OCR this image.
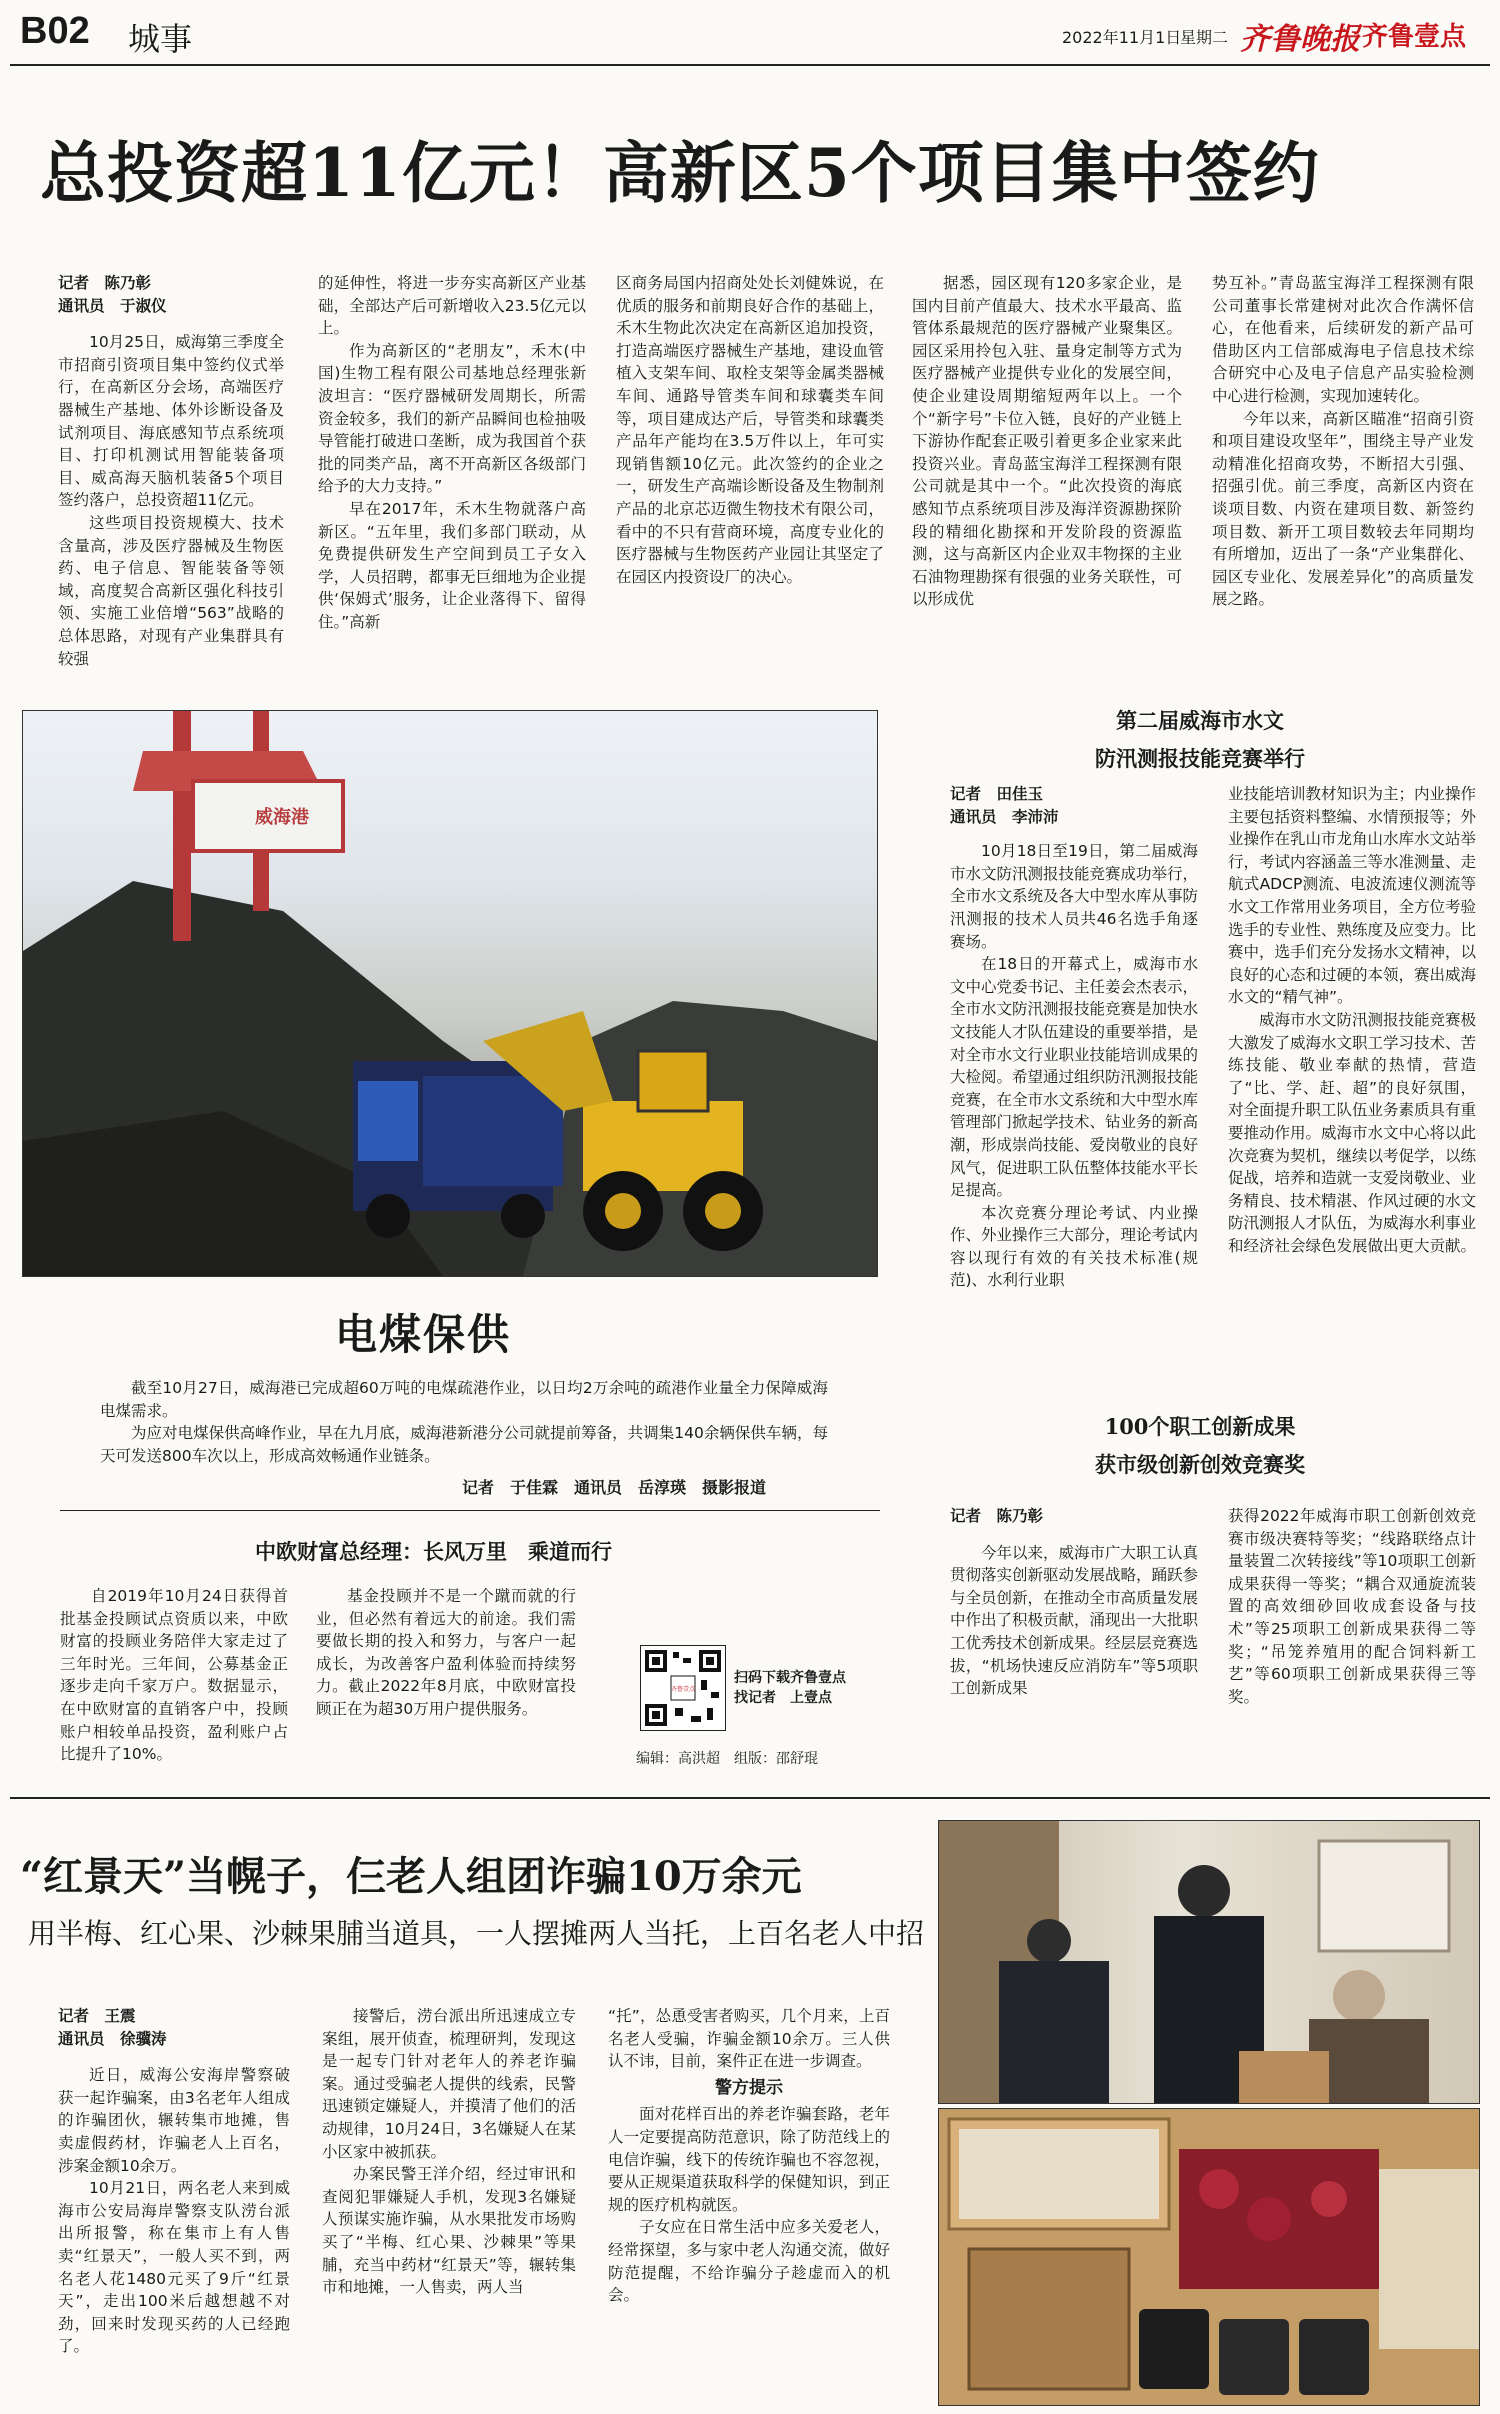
B02 城事	2022年11月1日
星期二 齐鲁晚报 齐鲁壹点
总投资超11亿元！高新区5个项目集中签约

记者　陈乃彰

通讯员　于淑仪

10月25日，威海第三季度全市招商引资项目集中签约仪式举行，在高新区分会场，高端医疗器械生产基地、体外诊断设备及试剂项目、海底感知节点系统项目、打印机测试用智能装备项目、威高海天脑机装备5个项目签约落户，总投资超11亿元。

这些项目投资规模大、技术含量高，涉及医疗器械及生物医药、电子信息、智能装备等领域，高度契合高新区强化科技引领、实施工业倍增“563”战略的总体思路，对现有产业集群具有较强

的延伸性，将进一步夯实高新区产业基础，全部达产后可新增收入23.5亿元以上。

作为高新区的“老朋友”，禾木(中国)生物工程有限公司基地总经理张新波坦言：“医疗器械研发周期长，所需资金较多，我们的新产品瞬间也检抽吸导管能打破进口垄断，成为我国首个获批的同类产品，离不开高新区各级部门给予的大力支持。”

早在2017年，禾木生物就落户高新区。“五年里，我们多部门联动，从免费提供研发生产空间到员工子女入学，人员招聘，都事无巨细地为企业提供‘保姆式’服务，让企业落得下、留得住。”高新

区商务局国内招商处处长刘健姝说，在优质的服务和前期良好合作的基础上，禾木生物此次决定在高新区追加投资，打造高端医疗器械生产基地，建设血管植入支架车间、取栓支架等金属类器械车间、通路导管类车间和球囊类车间等，项目建成达产后，导管类和球囊类产品年产能均在3.5万件以上，年可实现销售额10亿元。此次签约的企业之一，研发生产高端诊断设备及生物制剂产品的北京芯迈微生物技术有限公司，看中的不只有营商环境，高度专业化的医疗器械与生物医药产业园让其坚定了在园区内投资设厂的决心。

据悉，园区现有120多家企业，是国内目前产值最大、技术水平最高、监管体系最规范的医疗器械产业聚集区。园区采用拎包入驻、量身定制等方式为医疗器械产业提供专业化的发展空间，使企业建设周期缩短两年以上。一个个“新字号”卡位入链，良好的产业链上下游协作配套正吸引着更多企业家来此投资兴业。青岛蓝宝海洋工程探测有限公司就是其中一个。“此次投资的海底感知节点系统项目涉及海洋资源勘探阶段的精细化勘探和开发阶段的资源监测，这与高新区内企业双丰物探的主业石油物理勘探有很强的业务关联性，可以形成优

势互补。”青岛蓝宝海洋工程探测有限公司董事长常建树对此次合作满怀信心，在他看来，后续研发的新产品可借助区内工信部威海电子信息技术综合研究中心及电子信息产品实验检测中心进行检测，实现加速转化。

今年以来，高新区瞄准“招商引资和项目建设攻坚年”，围绕主导产业发动精准化招商攻势，不断招大引强、招强引优。前三季度，高新区内资在谈项目数、内资在建项目数、新签约项目数、新开工项目数较去年同期均有所增加，迈出了一条“产业集群化、园区专业化、发展差异化”的高质量发展之路。

威海港
电煤保供

截至10月27日，威海港已完成超60万吨的电煤疏港作业，以日均2万余吨的疏港作业量全力保障威海电煤需求。

为应对电煤保供高峰作业，早在九月底，威海港新港分公司就提前筹备，共调集140余辆保供车辆，每天可发送800车次以上，形成高效畅通作业链条。

记者　于佳霖　通讯员　岳淳瑛　摄影报道
第二届威海市水文
防汛测报技能竞赛举行

记者　田佳玉

通讯员　李沛沛

10月18日至19日，第二届威海市水文防汛测报技能竞赛成功举行，全市水文系统及各大中型水库从事防汛测报的技术人员共46名选手角逐赛场。

在18日的开幕式上，威海市水文中心党委书记、主任姜会杰表示，全市水文防汛测报技能竞赛是加快水文技能人才队伍建设的重要举措，是对全市水文行业职业技能培训成果的大检阅。希望通过组织防汛测报技能竞赛，在全市水文系统和大中型水库管理部门掀起学技术、钻业务的新高潮，形成崇尚技能、爱岗敬业的良好风气，促进职工队伍整体技能水平长足提高。

本次竞赛分理论考试、内业操作、外业操作三大部分，理论考试内容以现行有效的有关技术标准(规范)、水利行业职

业技能培训教材知识为主；内业操作主要包括资料整编、水情预报等；外业操作在乳山市龙角山水库水文站举行，考试内容涵盖三等水准测量、走航式ADCP测流、电波流速仪测流等水文工作常用业务项目，全方位考验选手的专业性、熟练度及应变力。比赛中，选手们充分发扬水文精神，以良好的心态和过硬的本领，赛出威海水文的“精气神”。

威海市水文防汛测报技能竞赛极大激发了威海水文职工学习技术、苦练技能、敬业奉献的热情，营造了“比、学、赶、超”的良好氛围，对全面提升职工队伍业务素质具有重要推动作用。威海市水文中心将以此次竞赛为契机，继续以考促学，以练促战，培养和造就一支爱岗敬业、业务精良、技术精湛、作风过硬的水文防汛测报人才队伍，为威海水利事业和经济社会绿色发展做出更大贡献。

100个职工创新成果
获市级创新创效竞赛奖

记者　陈乃彰

今年以来，威海市广大职工认真贯彻落实创新驱动发展战略，踊跃参与全员创新，在推动全市高质量发展中作出了积极贡献，涌现出一大批职工优秀技术创新成果。经层层竞赛选拔，“机场快速反应消防车”等5项职工创新成果

获得2022年威海市职工创新创效竞赛市级决赛特等奖；“线路联络点计量装置二次转接线”等10项职工创新成果获得一等奖；“耦合双通旋流装置的高效细砂回收成套设备与技术”等25项职工创新成果获得二等奖；“吊笼养殖用的配合饲料新工艺”等60项职工创新成果获得三等奖。

中欧财富总经理：长风万里　乘道而行

自2019年10月24日获得首批基金投顾试点资质以来，中欧财富的投顾业务陪伴大家走过了三年时光。三年间，公募基金正逐步走向千家万户。数据显示，在中欧财富的直销客户中，投顾账户相较单品投资，盈利账户占比提升了10%。

基金投顾并不是一个蹴而就的行业，但必然有着远大的前途。我们需要做长期的投入和努力，与客户一起成长，为改善客户盈利体验而持续努力。截止2022年8月底，中欧财富投顾正在为超30万用户提供服务。

齐鲁壹点
扫码下载齐鲁壹点
找记者　上壹点
编辑：高洪超　组版：邵舒琨
“红景天”当幌子，仨老人组团诈骗10万余元
用半梅、红心果、沙棘果脯当道具，一人摆摊两人当托，上百名老人中招

记者　王震

通讯员　徐骥涛

近日，威海公安海岸警察破获一起诈骗案，由3名老年人组成的诈骗团伙，辗转集市地摊，售卖虚假药材，诈骗老人上百名，涉案金额10余万。

10月21日，两名老人来到威海市公安局海岸警察支队涝台派出所报警，称在集市上有人售卖“红景天”，一般人买不到，两名老人花1480元买了9斤“红景天”，走出100米后越想越不对劲，回来时发现买药的人已经跑了。

接警后，涝台派出所迅速成立专案组，展开侦查，梳理研判，发现这是一起专门针对老年人的养老诈骗案。通过受骗老人提供的线索，民警迅速锁定嫌疑人，并摸清了他们的活动规律，10月24日，3名嫌疑人在某小区家中被抓获。

办案民警王洋介绍，经过审讯和查阅犯罪嫌疑人手机，发现3名嫌疑人预谋实施诈骗，从水果批发市场购买了“半梅、红心果、沙棘果”等果脯，充当中药材“红景天”等，辗转集市和地摊，一人售卖，两人当

“托”，怂恿受害者购买，几个月来，上百名老人受骗，诈骗金额10余万。三人供认不讳，目前，案件正在进一步调查。

警方提示

面对花样百出的养老诈骗套路，老年人一定要提高防范意识，除了防范线上的电信诈骗，线下的传统诈骗也不容忽视，要从正规渠道获取科学的保健知识，到正规的医疗机构就医。

子女应在日常生活中应多关爱老人，经常探望，多与家中老人沟通交流，做好防范提醒，不给诈骗分子趁虚而入的机会。
